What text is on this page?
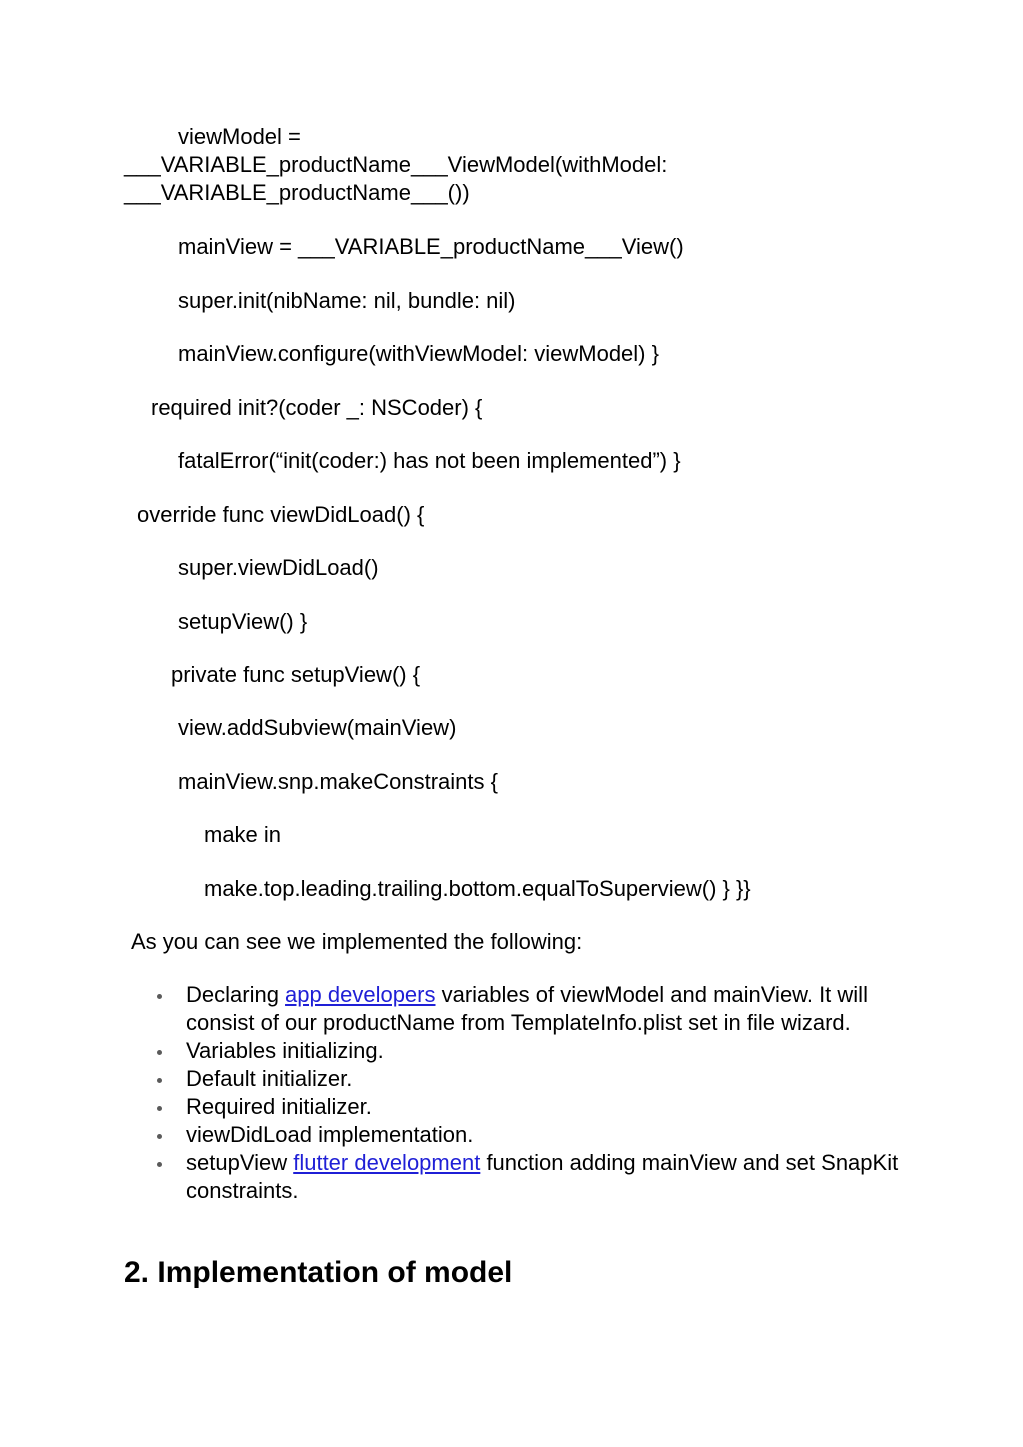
viewModel =

___VARIABLE_productName___ViewModel(withModel:

___VARIABLE_productName___())

mainView = ___VARIABLE_productName___View()

super.init(nibName: nil, bundle: nil)

mainView.configure(withViewModel: viewModel) }

required init?(coder _: NSCoder) {

fatalError(“init(coder:) has not been implemented”) }

override func viewDidLoad() {

super.viewDidLoad()

setupView() }

private func setupView() {

view.addSubview(mainView)

mainView.snp.makeConstraints {

make in

make.top.leading.trailing.bottom.equalToSuperview() } }}

As you can see we implemented the following:

Declaring app developers variables of viewModel and mainView. It will consist of our productName from TemplateInfo.plist set in file wizard.
Variables initializing.
Default initializer.
Required initializer.
viewDidLoad implementation.
setupView flutter development function adding mainView and set SnapKit constraints.
2. Implementation of model
